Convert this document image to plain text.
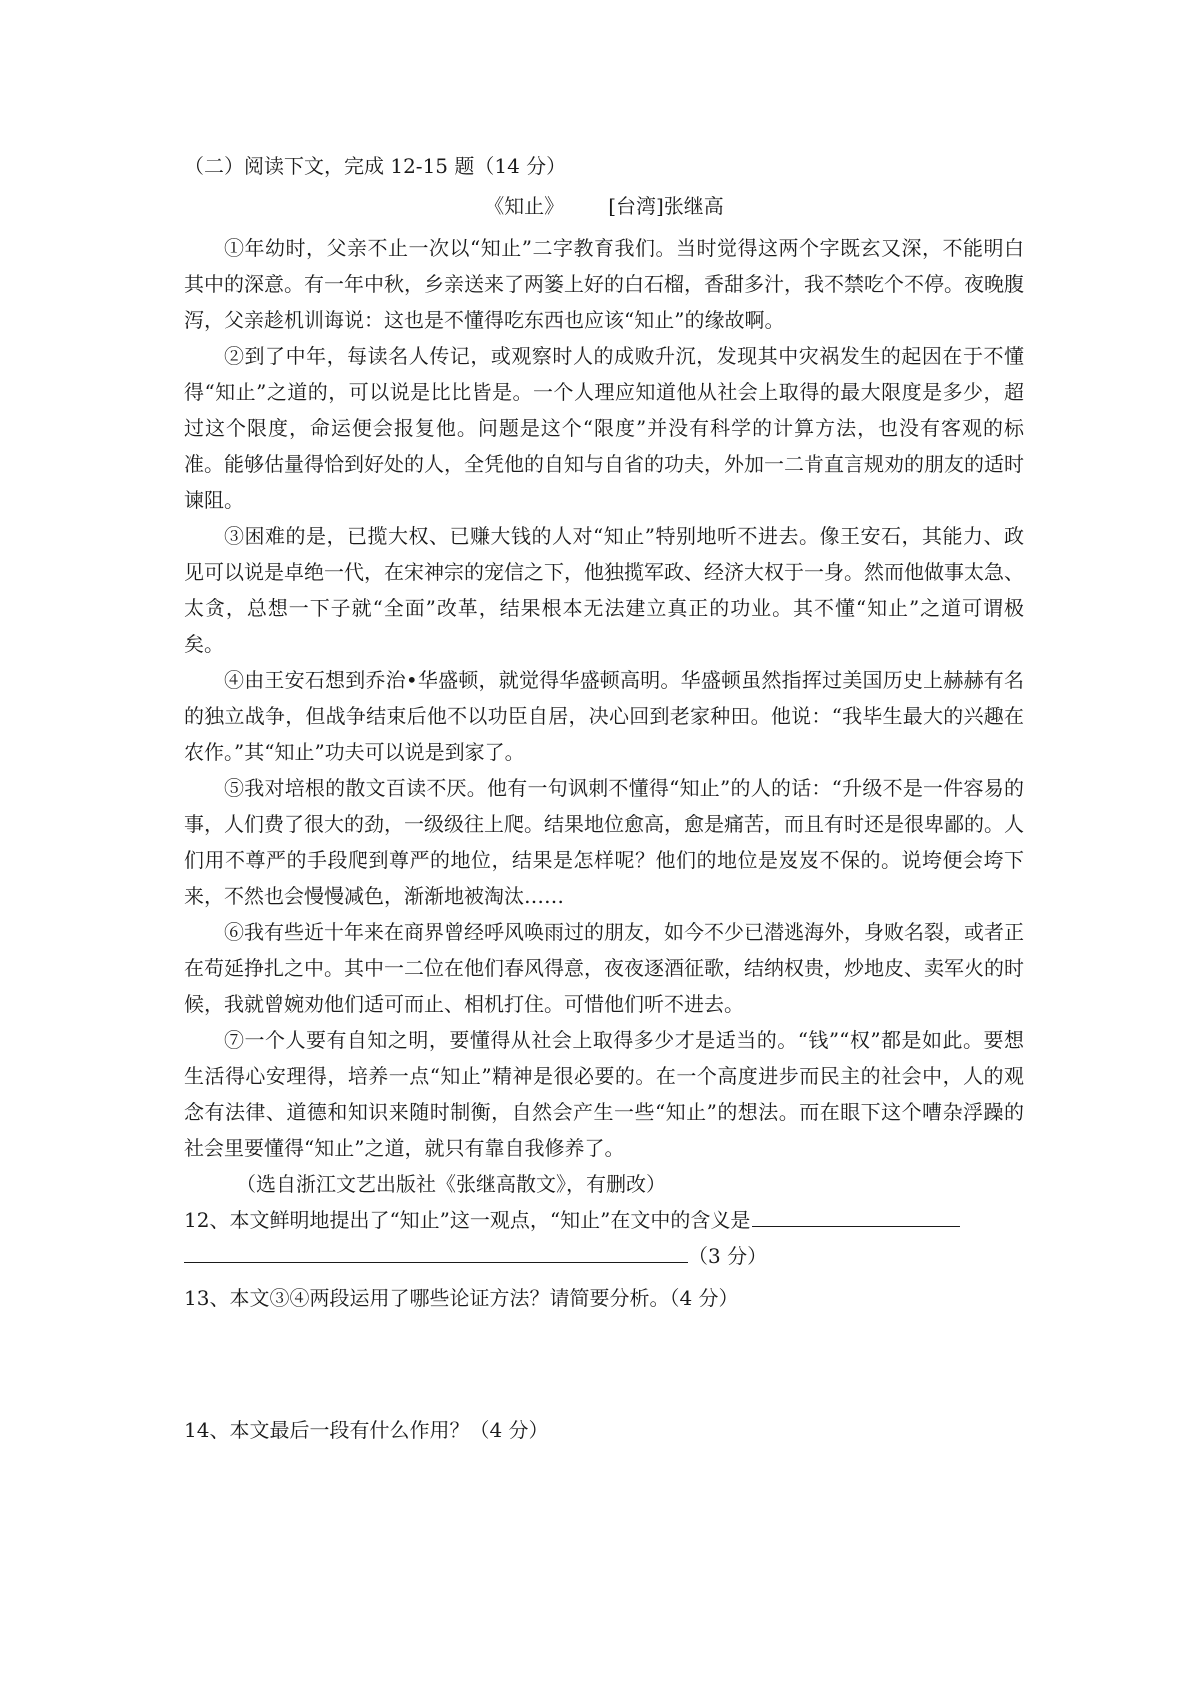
（二）阅读下文，完成 12-15 题（14 分）

《知止》 [台湾]张继高

①年幼时，父亲不止一次以“知止”二字教育我们。当时觉得这两个字既玄又深，不能明白其中的深意。有一年中秋，乡亲送来了两篓上好的白石榴，香甜多汁，我不禁吃个不停。夜晚腹泻，父亲趁机训诲说：这也是不懂得吃东西也应该“知止”的缘故啊。

②到了中年，每读名人传记，或观察时人的成败升沉，发现其中灾祸发生的起因在于不懂得“知止”之道的，可以说是比比皆是。一个人理应知道他从社会上取得的最大限度是多少，超过这个限度，命运便会报复他。问题是这个“限度”并没有科学的计算方法，也没有客观的标准。能够估量得恰到好处的人，全凭他的自知与自省的功夫，外加一二肯直言规劝的朋友的适时谏阻。

③困难的是，已揽大权、已赚大钱的人对“知止”特别地听不进去。像王安石，其能力、政见可以说是卓绝一代，在宋神宗的宠信之下，他独揽军政、经济大权于一身。然而他做事太急、太贪，总想一下子就“全面”改革，结果根本无法建立真正的功业。其不懂“知止”之道可谓极矣。

④由王安石想到乔治•华盛顿，就觉得华盛顿高明。华盛顿虽然指挥过美国历史上赫赫有名的独立战争，但战争结束后他不以功臣自居，决心回到老家种田。他说：“我毕生最大的兴趣在农作。”其“知止”功夫可以说是到家了。

⑤我对培根的散文百读不厌。他有一句讽刺不懂得“知止”的人的话：“升级不是一件容易的事，人们费了很大的劲，一级级往上爬。结果地位愈高，愈是痛苦，而且有时还是很卑鄙的。人们用不尊严的手段爬到尊严的地位，结果是怎样呢？他们的地位是岌岌不保的。说垮便会垮下来，不然也会慢慢减色，渐渐地被淘汰……

⑥我有些近十年来在商界曾经呼风唤雨过的朋友，如今不少已潜逃海外，身败名裂，或者正在苟延挣扎之中。其中一二位在他们春风得意，夜夜逐酒征歌，结纳权贵，炒地皮、卖军火的时候，我就曾婉劝他们适可而止、相机打住。可惜他们听不进去。

⑦一个人要有自知之明，要懂得从社会上取得多少才是适当的。“钱”“权”都是如此。要想生活得心安理得，培养一点“知止”精神是很必要的。在一个高度进步而民主的社会中，人的观念有法律、道德和知识来随时制衡，自然会产生一些“知止”的想法。而在眼下这个嘈杂浮躁的社会里要懂得“知止”之道，就只有靠自我修养了。

（选自浙江文艺出版社《张继高散文》，有删改）

12、本文鲜明地提出了“知止”这一观点，“知止”在文中的含义是

（3 分）

13、本文③④两段运用了哪些论证方法？请简要分析。（4 分）

14、本文最后一段有什么作用？（4 分）
